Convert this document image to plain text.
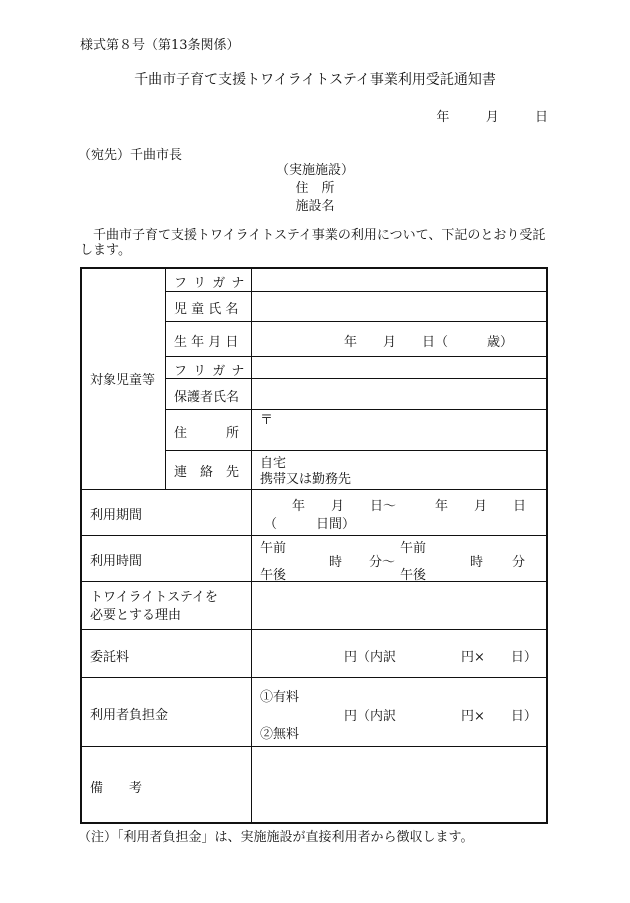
様式第８号（第13条関係）
千曲市子育て支援トワイライトステイ事業利用受託通知書
年	月	日
（宛先）千曲市長
（実施施設）
住　所
施設名
千曲市子育て支援トワイライトステイ事業の利用について、下記のとおり受託します。
対象児童等
フ リ ガ ナ
児 童 氏 名
生 年 月 日
フ リ ガ ナ
保護者氏名
住　　　所
連　絡　先
利用期間
利用時間
トワイライトステイを
必要とする理由
委託料
利用者負担金
備　　考
年　　月　　日（　　　歳）
〒
自宅
携帯又は勤務先
年　　月　　日～　　　年　　月　　日
（　　　日間）
午前
午後
時 分～
午前
午後
時 分
円（内訳　　　　　円×　　日）
①有料
円（内訳　　　　　円×　　日）
②無料
（注）「利用者負担金」は、実施施設が直接利用者から徴収します。
